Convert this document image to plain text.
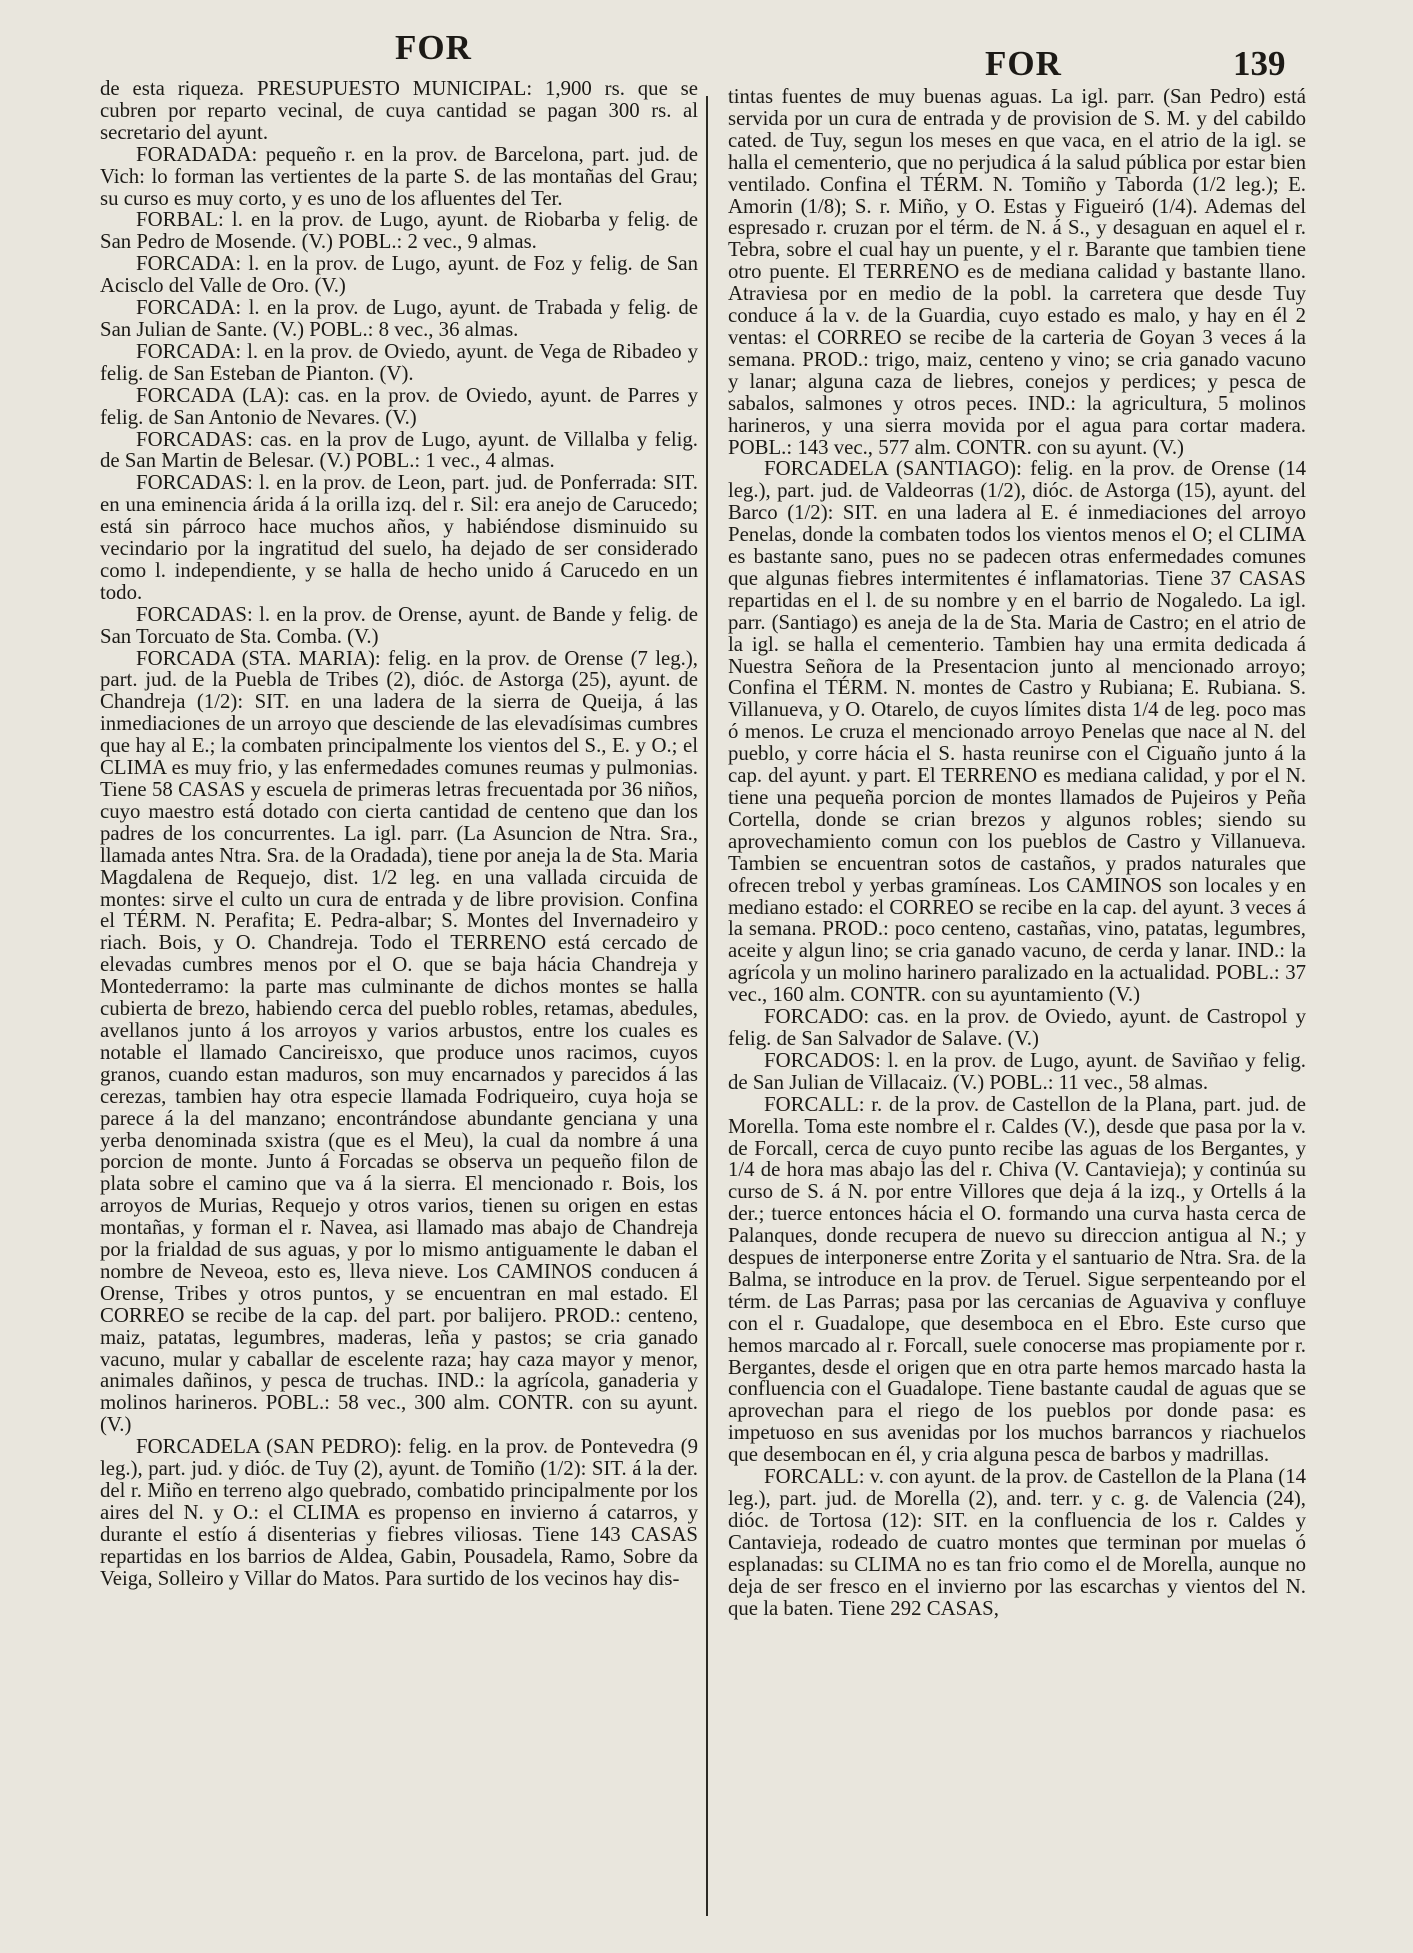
FOR	FOR	139

de esta riqueza. PRESUPUESTO MUNICIPAL: 1,900 rs. que se cubren por reparto vecinal, de cuya cantidad se pagan 300 rs. al secretario del ayunt.

FORADADA: pequeño r. en la prov. de Barcelona, part. jud. de Vich: lo forman las vertientes de la parte S. de las montañas del Grau; su curso es muy corto, y es uno de los afluentes del Ter.

FORBAL: l. en la prov. de Lugo, ayunt. de Riobarba y felig. de San Pedro de Mosende. (V.) POBL.: 2 vec., 9 almas.

FORCADA: l. en la prov. de Lugo, ayunt. de Foz y felig. de San Acisclo del Valle de Oro. (V.)

FORCADA: l. en la prov. de Lugo, ayunt. de Trabada y felig. de San Julian de Sante. (V.) POBL.: 8 vec., 36 almas.

FORCADA: l. en la prov. de Oviedo, ayunt. de Vega de Ribadeo y felig. de San Esteban de Pianton. (V).

FORCADA (LA): cas. en la prov. de Oviedo, ayunt. de Parres y felig. de San Antonio de Nevares. (V.)

FORCADAS: cas. en la prov de Lugo, ayunt. de Villalba y felig. de San Martin de Belesar. (V.) POBL.: 1 vec., 4 almas.

FORCADAS: l. en la prov. de Leon, part. jud. de Ponferrada: SIT. en una eminencia árida á la orilla izq. del r. Sil: era anejo de Carucedo; está sin párroco hace muchos años, y habiéndose disminuido su vecindario por la ingratitud del suelo, ha dejado de ser considerado como l. independiente, y se halla de hecho unido á Carucedo en un todo.

FORCADAS: l. en la prov. de Orense, ayunt. de Bande y felig. de San Torcuato de Sta. Comba. (V.)

FORCADA (STA. MARIA): felig. en la prov. de Orense (7 leg.), part. jud. de la Puebla de Tribes (2), dióc. de Astorga (25), ayunt. de Chandreja (1/2): SIT. en una ladera de la sierra de Queija, á las inmediaciones de un arroyo que desciende de las elevadísimas cumbres que hay al E.; la combaten principalmente los vientos del S., E. y O.; el CLIMA es muy frio, y las enfermedades comunes reumas y pulmonias. Tiene 58 CASAS y escuela de primeras letras frecuentada por 36 niños, cuyo maestro está dotado con cierta cantidad de centeno que dan los padres de los concurrentes. La igl. parr. (La Asuncion de Ntra. Sra., llamada antes Ntra. Sra. de la Oradada), tiene por aneja la de Sta. Maria Magdalena de Requejo, dist. 1/2 leg. en una vallada circuida de montes: sirve el culto un cura de entrada y de libre provision. Confina el TÉRM. N. Perafita; E. Pedra-albar; S. Montes del Invernadeiro y riach. Bois, y O. Chandreja. Todo el TERRENO está cercado de elevadas cumbres menos por el O. que se baja hácia Chandreja y Montederramo: la parte mas culminante de dichos montes se halla cubierta de brezo, habiendo cerca del pueblo robles, retamas, abedules, avellanos junto á los arroyos y varios arbustos, entre los cuales es notable el llamado Cancireisxo, que produce unos racimos, cuyos granos, cuando estan maduros, son muy encarnados y parecidos á las cerezas, tambien hay otra especie llamada Fodriqueiro, cuya hoja se parece á la del manzano; encontrándose abundante genciana y una yerba denominada sxistra (que es el Meu), la cual da nombre á una porcion de monte. Junto á Forcadas se observa un pequeño filon de plata sobre el camino que va á la sierra. El mencionado r. Bois, los arroyos de Murias, Requejo y otros varios, tienen su origen en estas montañas, y forman el r. Navea, asi llamado mas abajo de Chandreja por la frialdad de sus aguas, y por lo mismo antiguamente le daban el nombre de Neveoa, esto es, lleva nieve. Los CAMINOS conducen á Orense, Tribes y otros puntos, y se encuentran en mal estado. El CORREO se recibe de la cap. del part. por balijero. PROD.: centeno, maiz, patatas, legumbres, maderas, leña y pastos; se cria ganado vacuno, mular y caballar de escelente raza; hay caza mayor y menor, animales dañinos, y pesca de truchas. IND.: la agrícola, ganaderia y molinos harineros. POBL.: 58 vec., 300 alm. CONTR. con su ayunt. (V.)

FORCADELA (SAN PEDRO): felig. en la prov. de Pontevedra (9 leg.), part. jud. y dióc. de Tuy (2), ayunt. de Tomiño (1/2): SIT. á la der. del r. Miño en terreno algo quebrado, combatido principalmente por los aires del N. y O.: el CLIMA es propenso en invierno á catarros, y durante el estío á disenterias y fiebres viliosas. Tiene 143 CASAS repartidas en los barrios de Aldea, Gabin, Pousadela, Ramo, Sobre da Veiga, Solleiro y Villar do Matos. Para surtido de los vecinos hay dis-

tintas fuentes de muy buenas aguas. La igl. parr. (San Pedro) está servida por un cura de entrada y de provision de S. M. y del cabildo cated. de Tuy, segun los meses en que vaca, en el atrio de la igl. se halla el cementerio, que no perjudica á la salud pública por estar bien ventilado. Confina el TÉRM. N. Tomiño y Taborda (1/2 leg.); E. Amorin (1/8); S. r. Miño, y O. Estas y Figueiró (1/4). Ademas del espresado r. cruzan por el térm. de N. á S., y desaguan en aquel el r. Tebra, sobre el cual hay un puente, y el r. Barante que tambien tiene otro puente. El TERRENO es de mediana calidad y bastante llano. Atraviesa por en medio de la pobl. la carretera que desde Tuy conduce á la v. de la Guardia, cuyo estado es malo, y hay en él 2 ventas: el CORREO se recibe de la carteria de Goyan 3 veces á la semana. PROD.: trigo, maiz, centeno y vino; se cria ganado vacuno y lanar; alguna caza de liebres, conejos y perdices; y pesca de sabalos, salmones y otros peces. IND.: la agricultura, 5 molinos harineros, y una sierra movida por el agua para cortar madera. POBL.: 143 vec., 577 alm. CONTR. con su ayunt. (V.)

FORCADELA (SANTIAGO): felig. en la prov. de Orense (14 leg.), part. jud. de Valdeorras (1/2), dióc. de Astorga (15), ayunt. del Barco (1/2): SIT. en una ladera al E. é inmediaciones del arroyo Penelas, donde la combaten todos los vientos menos el O; el CLIMA es bastante sano, pues no se padecen otras enfermedades comunes que algunas fiebres intermitentes é inflamatorias. Tiene 37 CASAS repartidas en el l. de su nombre y en el barrio de Nogaledo. La igl. parr. (Santiago) es aneja de la de Sta. Maria de Castro; en el atrio de la igl. se halla el cementerio. Tambien hay una ermita dedicada á Nuestra Señora de la Presentacion junto al mencionado arroyo; Confina el TÉRM. N. montes de Castro y Rubiana; E. Rubiana. S. Villanueva, y O. Otarelo, de cuyos límites dista 1/4 de leg. poco mas ó menos. Le cruza el mencionado arroyo Penelas que nace al N. del pueblo, y corre hácia el S. hasta reunirse con el Ciguaño junto á la cap. del ayunt. y part. El TERRENO es mediana calidad, y por el N. tiene una pequeña porcion de montes llamados de Pujeiros y Peña Cortella, donde se crian brezos y algunos robles; siendo su aprovechamiento comun con los pueblos de Castro y Villanueva. Tambien se encuentran sotos de castaños, y prados naturales que ofrecen trebol y yerbas gramíneas. Los CAMINOS son locales y en mediano estado: el CORREO se recibe en la cap. del ayunt. 3 veces á la semana. PROD.: poco centeno, castañas, vino, patatas, legumbres, aceite y algun lino; se cria ganado vacuno, de cerda y lanar. IND.: la agrícola y un molino harinero paralizado en la actualidad. POBL.: 37 vec., 160 alm. CONTR. con su ayuntamiento (V.)

FORCADO: cas. en la prov. de Oviedo, ayunt. de Castropol y felig. de San Salvador de Salave. (V.)

FORCADOS: l. en la prov. de Lugo, ayunt. de Saviñao y felig. de San Julian de Villacaiz. (V.) POBL.: 11 vec., 58 almas.

FORCALL: r. de la prov. de Castellon de la Plana, part. jud. de Morella. Toma este nombre el r. Caldes (V.), desde que pasa por la v. de Forcall, cerca de cuyo punto recibe las aguas de los Bergantes, y 1/4 de hora mas abajo las del r. Chiva (V. Cantavieja); y continúa su curso de S. á N. por entre Villores que deja á la izq., y Ortells á la der.; tuerce entonces hácia el O. formando una curva hasta cerca de Palanques, donde recupera de nuevo su direccion antigua al N.; y despues de interponerse entre Zorita y el santuario de Ntra. Sra. de la Balma, se introduce en la prov. de Teruel. Sigue serpenteando por el térm. de Las Parras; pasa por las cercanias de Aguaviva y confluye con el r. Guadalope, que desemboca en el Ebro. Este curso que hemos marcado al r. Forcall, suele conocerse mas propiamente por r. Bergantes, desde el origen que en otra parte hemos marcado hasta la confluencia con el Guadalope. Tiene bastante caudal de aguas que se aprovechan para el riego de los pueblos por donde pasa: es impetuoso en sus avenidas por los muchos barrancos y riachuelos que desembocan en él, y cria alguna pesca de barbos y madrillas.

FORCALL: v. con ayunt. de la prov. de Castellon de la Plana (14 leg.), part. jud. de Morella (2), and. terr. y c. g. de Valencia (24), dióc. de Tortosa (12): SIT. en la confluencia de los r. Caldes y Cantavieja, rodeado de cuatro montes que terminan por muelas ó esplanadas: su CLIMA no es tan frio como el de Morella, aunque no deja de ser fresco en el invierno por las escarchas y vientos del N. que la baten. Tiene 292 CASAS,
